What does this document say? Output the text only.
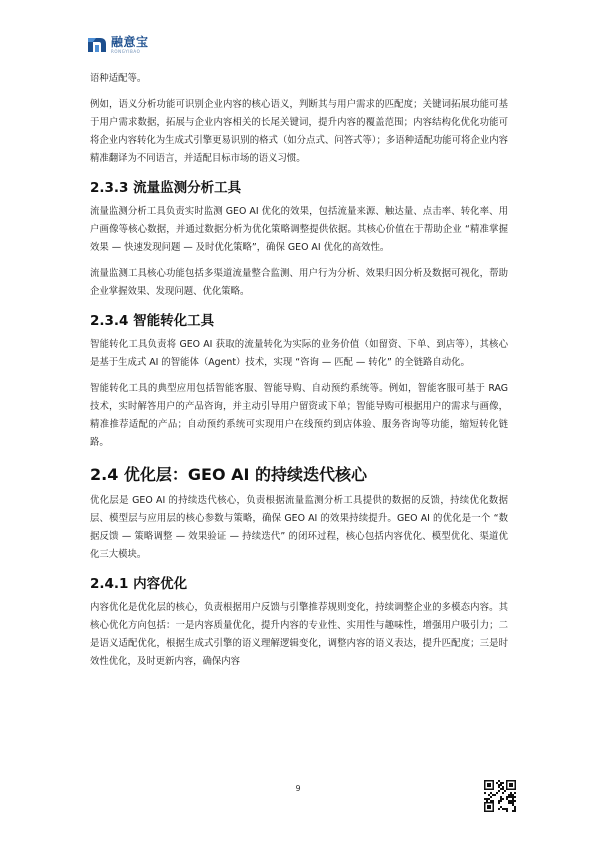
融意宝
RONGYIBAO

语种适配等。

例如，语义分析功能可识别企业内容的核心语义，判断其与用户需求的匹配度；关键词拓展功能可基于用户需求数据，拓展与企业内容相关的长尾关键词，提升内容的覆盖范围；内容结构化优化功能可将企业内容转化为生成式引擎更易识别的格式（如分点式、问答式等）；多语种适配功能可将企业内容精准翻译为不同语言，并适配目标市场的语义习惯。

2.3.3 流量监测分析工具

流量监测分析工具负责实时监测 GEO AI 优化的效果，包括流量来源、触达量、点击率、转化率、用户画像等核心数据，并通过数据分析为优化策略调整提供依据。其核心价值在于帮助企业 “精准掌握效果 — 快速发现问题 — 及时优化策略”，确保 GEO AI 优化的高效性。

流量监测工具核心功能包括多渠道流量整合监测、用户行为分析、效果归因分析及数据可视化，帮助企业掌握效果、发现问题、优化策略。

2.3.4 智能转化工具

智能转化工具负责将 GEO AI 获取的流量转化为实际的业务价值（如留资、下单、到店等），其核心是基于生成式 AI 的智能体（Agent）技术，实现 “咨询 — 匹配 — 转化” 的全链路自动化。

智能转化工具的典型应用包括智能客服、智能导购、自动预约系统等。例如，智能客服可基于 RAG 技术，实时解答用户的产品咨询，并主动引导用户留资或下单；智能导购可根据用户的需求与画像，精准推荐适配的产品；自动预约系统可实现用户在线预约到店体验、服务咨询等功能，缩短转化链路。

2.4 优化层：GEO AI 的持续迭代核心

优化层是 GEO AI 的持续迭代核心，负责根据流量监测分析工具提供的数据的反馈，持续优化数据层、模型层与应用层的核心参数与策略，确保 GEO AI 的效果持续提升。GEO AI 的优化是一个 “数据反馈 — 策略调整 — 效果验证 — 持续迭代” 的闭环过程，核心包括内容优化、模型优化、渠道优化三大模块。

2.4.1 内容优化

内容优化是优化层的核心，负责根据用户反馈与引擎推荐规则变化，持续调整企业的多模态内容。其核心优化方向包括：一是内容质量优化，提升内容的专业性、实用性与趣味性，增强用户吸引力；二是语义适配优化，根据生成式引擎的语义理解逻辑变化，调整内容的语义表达，提升匹配度；三是时效性优化，及时更新内容，确保内容

9
